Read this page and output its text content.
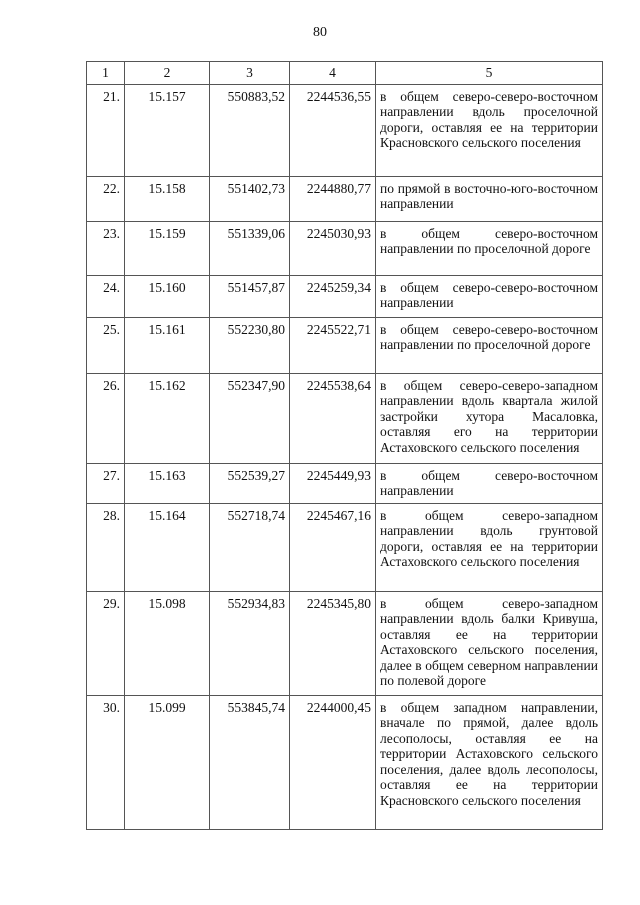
80
1	2	3	4	5
21.	15.157	550883,52	2244536,55	в общем северо-северо-восточном направлении вдоль проселочной дороги, оставляя ее на территории Красновского сельского поселения
22.	15.158	551402,73	2244880,77	по прямой в восточно-юго-восточном направлении
23.	15.159	551339,06	2245030,93	в общем северо-восточном направлении по проселочной дороге
24.	15.160	551457,87	2245259,34	в общем северо-северо-восточном направлении
25.	15.161	552230,80	2245522,71	в общем северо-северо-восточном направлении по проселочной дороге
26.	15.162	552347,90	2245538,64	в общем северо-северо-западном направлении вдоль квартала жилой застройки хутора Масаловка, оставляя его на территории Астаховского сельского поселения
27.	15.163	552539,27	2245449,93	в общем северо-восточном направлении
28.	15.164	552718,74	2245467,16	в общем северо-западном направлении вдоль грунтовой дороги, оставляя ее на территории Астаховского сельского поселения
29.	15.098	552934,83	2245345,80	в общем северо-западном направлении вдоль балки Кривуша, оставляя ее на территории Астаховского сельского поселения, далее в общем северном направлении по полевой дороге
30.	15.099	553845,74	2244000,45	в общем западном направлении, вначале по прямой, далее вдоль лесополосы, оставляя ее на территории Астаховского сельского поселения, далее вдоль лесополосы, оставляя ее на территории Красновского сельского поселения
